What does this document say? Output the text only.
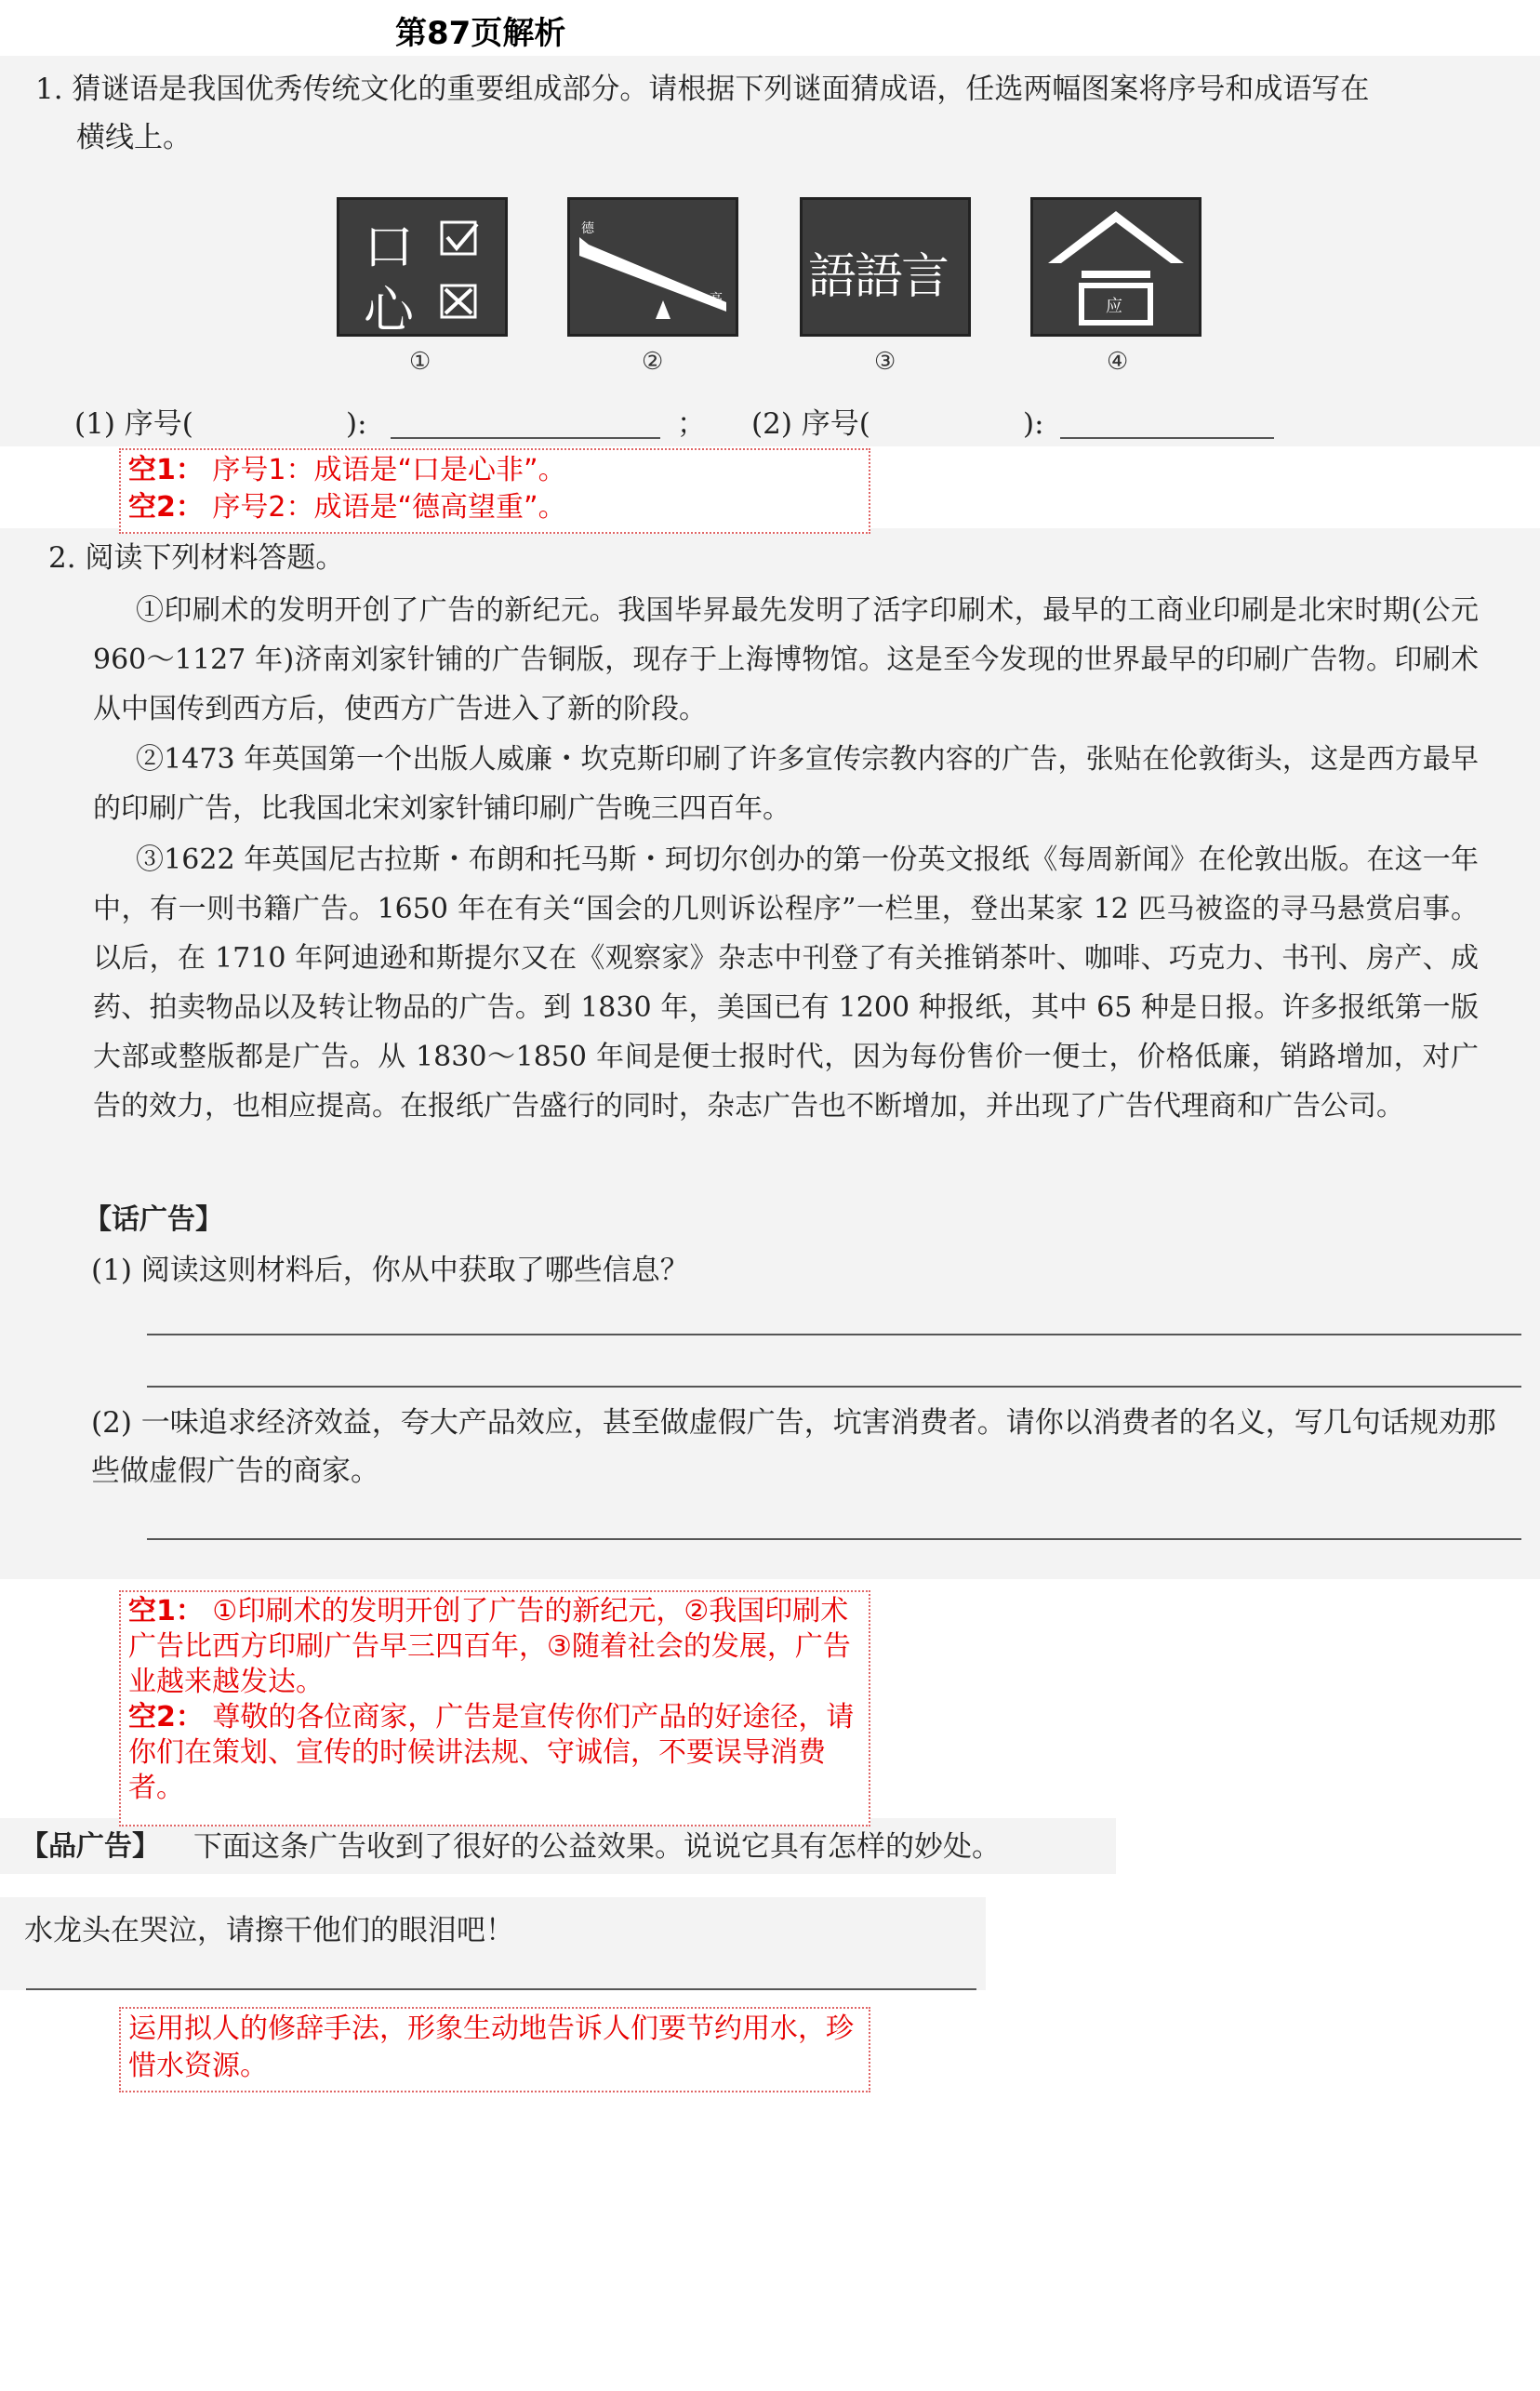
第87页解析
1. 猜谜语是我国优秀传统文化的重要组成部分。请根据下列谜面猜成语，任选两幅图案将序号和成语写在
横线上。
口
心
德
高 語語言
应
①	②	③	④
(1) 序号(	):	； (2) 序号(	):
空1： 序号1：成语是“口是心非”。
空2： 序号2：成语是“德高望重”。
2. 阅读下列材料答题。
①印刷术的发明开创了广告的新纪元。我国毕昇最先发明了活字印刷术，最早的工商业印刷是北宋时期(公元 960～1127 年)济南刘家针铺的广告铜版，现存于上海博物馆。这是至今发现的世界最早的印刷广告物。印刷术从中国传到西方后，使西方广告进入了新的阶段。
②1473 年英国第一个出版人威廉・坎克斯印刷了许多宣传宗教内容的广告，张贴在伦敦街头，这是西方最早的印刷广告，比我国北宋刘家针铺印刷广告晚三四百年。
③1622 年英国尼古拉斯・布朗和托马斯・珂切尔创办的第一份英文报纸《每周新闻》在伦敦出版。在这一年中，有一则书籍广告。1650 年在有关“国会的几则诉讼程序”一栏里，登出某家 12 匹马被盗的寻马悬赏启事。以后，在 1710 年阿迪逊和斯提尔又在《观察家》杂志中刊登了有关推销茶叶、咖啡、巧克力、书刊、房产、成药、拍卖物品以及转让物品的广告。到 1830 年，美国已有 1200 种报纸，其中 65 种是日报。许多报纸第一版大部或整版都是广告。从 1830～1850 年间是便士报时代，因为每份售价一便士，价格低廉，销路增加，对广告的效力，也相应提高。在报纸广告盛行的同时，杂志广告也不断增加，并出现了广告代理商和广告公司。
【话广告】
(1) 阅读这则材料后，你从中获取了哪些信息？
(2) 一味追求经济效益，夸大产品效应，甚至做虚假广告，坑害消费者。请你以消费者的名义，写几句话规劝那些做虚假广告的商家。
空1： ①印刷术的发明开创了广告的新纪元，②我国印刷术广告比西方印刷广告早三四百年，③随着社会的发展，广告业越来越发达。
空2： 尊敬的各位商家，广告是宣传你们产品的好途径，请你们在策划、宣传的时候讲法规、守诚信，不要误导消费者。
【品广告】 下面这条广告收到了很好的公益效果。说说它具有怎样的妙处。
水龙头在哭泣，请擦干他们的眼泪吧！
运用拟人的修辞手法，形象生动地告诉人们要节约用水，珍惜水资源。
